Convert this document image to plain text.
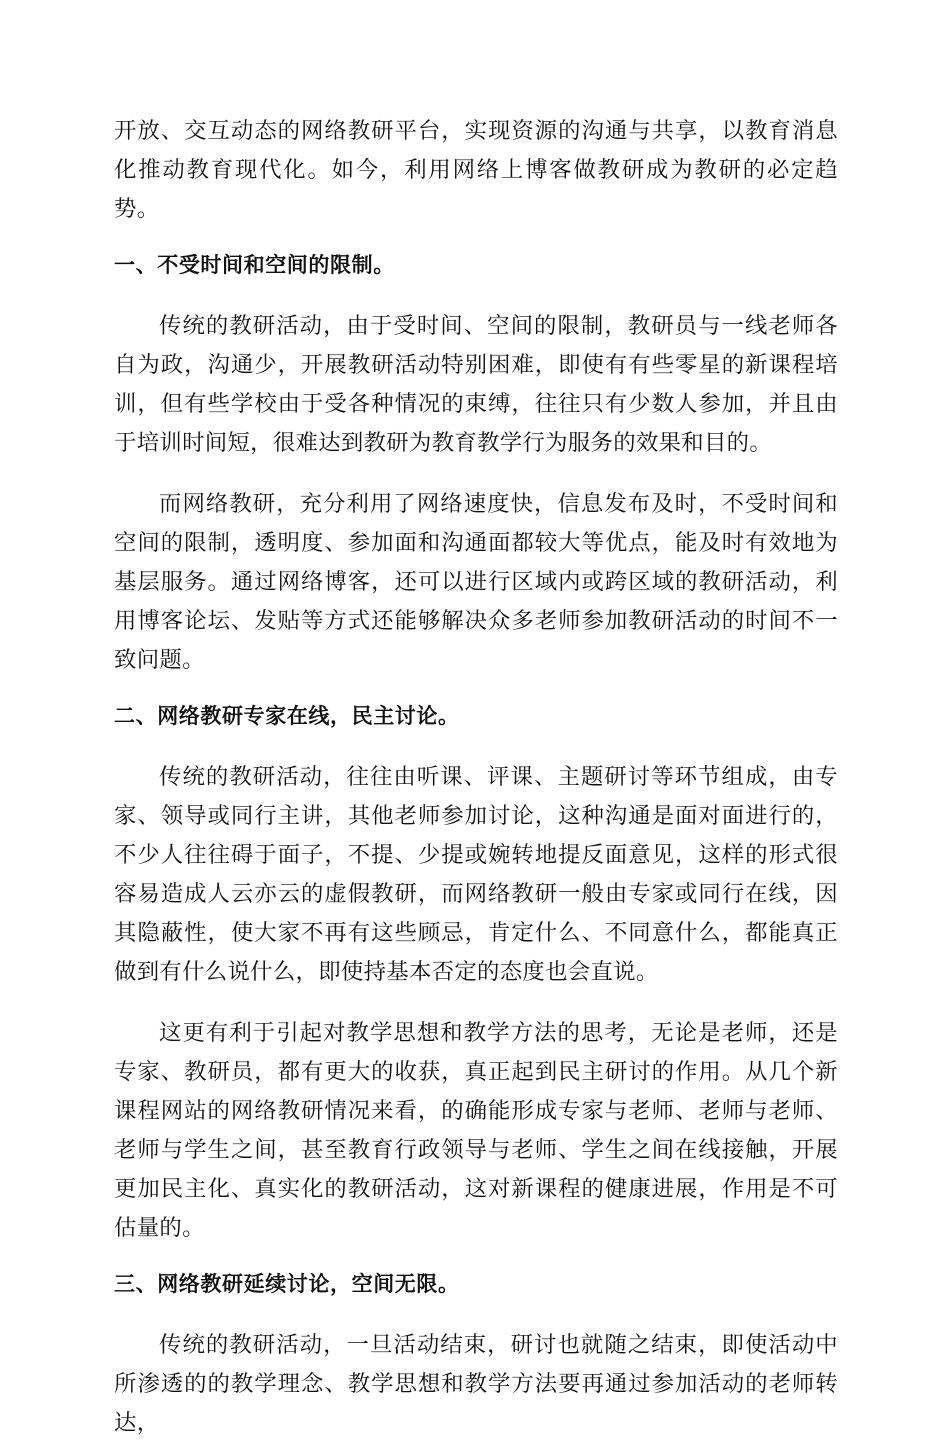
开放、交互动态的网络教研平台，实现资源的沟通与共享，以教育消息化推动教育现代化。如今，利用网络上博客做教研成为教研的必定趋势。

一、不受时间和空间的限制。

传统的教研活动，由于受时间、空间的限制，教研员与一线老师各自为政，沟通少，开展教研活动特别困难，即使有有些零星的新课程培训，但有些学校由于受各种情况的束缚，往往只有少数人参加，并且由于培训时间短，很难达到教研为教育教学行为服务的效果和目的。

而网络教研，充分利用了网络速度快，信息发布及时，不受时间和空间的限制，透明度、参加面和沟通面都较大等优点，能及时有效地为基层服务。通过网络博客，还可以进行区域内或跨区域的教研活动，利用博客论坛、发贴等方式还能够解决众多老师参加教研活动的时间不一致问题。

二、网络教研专家在线，民主讨论。

传统的教研活动，往往由听课、评课、主题研讨等环节组成，由专家、领导或同行主讲，其他老师参加讨论，这种沟通是面对面进行的，不少人往往碍于面子，不提、少提或婉转地提反面意见，这样的形式很容易造成人云亦云的虚假教研，而网络教研一般由专家或同行在线，因其隐蔽性，使大家不再有这些顾忌，肯定什么、不同意什么，都能真正做到有什么说什么，即使持基本否定的态度也会直说。

这更有利于引起对教学思想和教学方法的思考，无论是老师，还是专家、教研员，都有更大的收获，真正起到民主研讨的作用。从几个新课程网站的网络教研情况来看，的确能形成专家与老师、老师与老师、老师与学生之间，甚至教育行政领导与老师、学生之间在线接触，开展更加民主化、真实化的教研活动，这对新课程的健康进展，作用是不可估量的。

三、网络教研延续讨论，空间无限。

传统的教研活动，一旦活动结束，研讨也就随之结束，即使活动中所渗透的的教学理念、教学思想和教学方法要再通过参加活动的老师转达，
